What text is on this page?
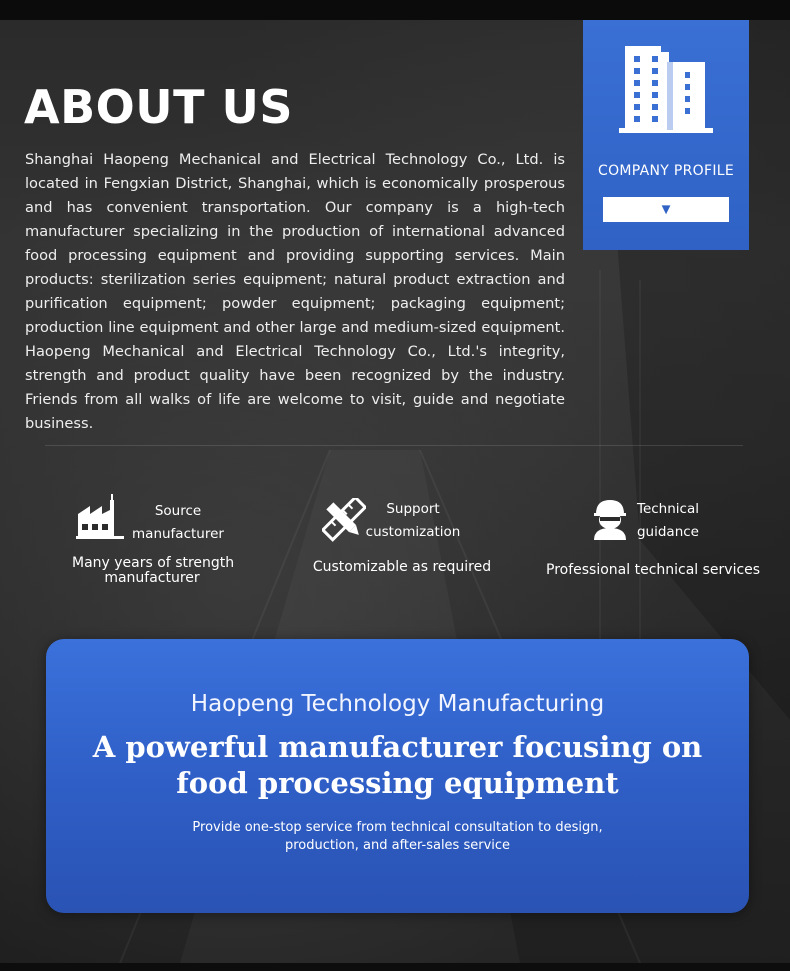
ABOUT US

Shanghai Haopeng Mechanical and Electrical Technology Co., Ltd. is located in Fengxian District, Shanghai, which is economically prosperous and has convenient transportation. Our company is a high-tech manufacturer specializing in the production of international advanced food processing equipment and providing supporting services. Main products: sterilization series equipment; natural product extraction and purification equipment; powder equipment; packaging equipment; production line equipment and other large and medium-sized equipment. Haopeng Mechanical and Electrical Technology Co., Ltd.'s integrity, strength and product quality have been recognized by the industry. Friends from all walks of life are welcome to visit, guide and negotiate business.

COMPANY PROFILE
▼
Source
manufacturer
Many years of strength
manufacturer
Support
customization
Customizable as required
Technical
guidance
Professional technical services
Haopeng Technology Manufacturing
A powerful manufacturer focusing on
food processing equipment
Provide one-stop service from technical consultation to design,
production, and after-sales service
